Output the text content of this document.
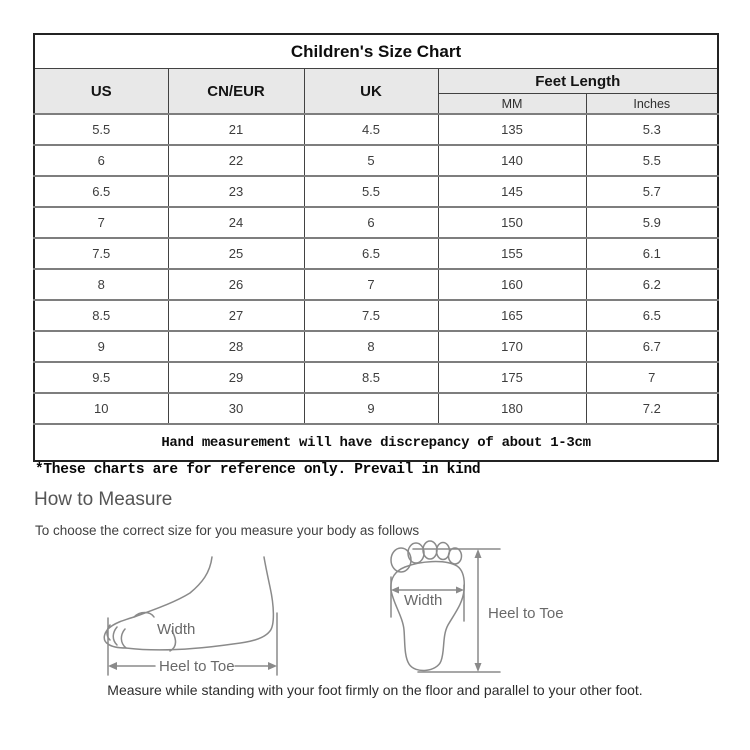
Children's Size Chart				
US	CN/EUR	UK	Feet Length	
			MM	Inches
5.5	21	4.5	135	5.3
6	22	5	140	5.5
6.5	23	5.5	145	5.7
7	24	6	150	5.9
7.5	25	6.5	155	6.1
8	26	7	160	6.2
8.5	27	7.5	165	6.5
9	28	8	170	6.7
9.5	29	8.5	175	7
10	30	9	180	7.2
Hand measurement will have discrepancy of about 1-3cm				
*These charts are for reference only. Prevail in kind
How to Measure
To choose the correct size for you measure your body as follows
Width
Heel to Toe
Width
Heel to Toe
Measure while standing with your foot firmly on the floor and parallel to your other foot.
